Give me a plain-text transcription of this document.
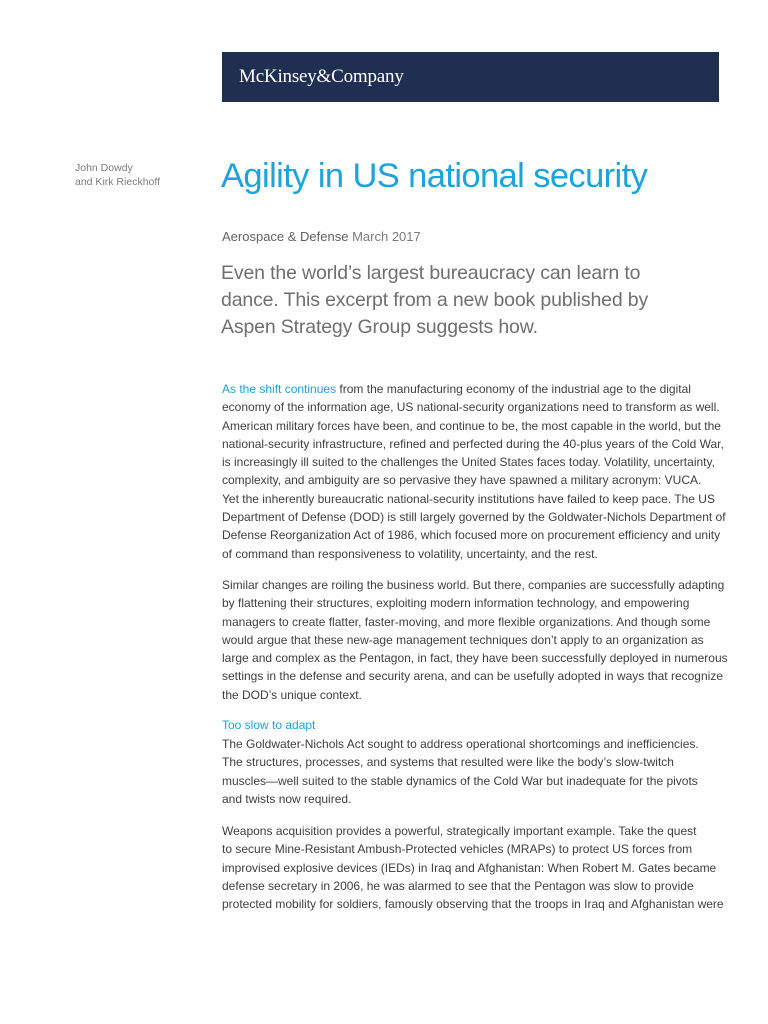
McKinsey&Company
John Dowdy
and Kirk Rieckhoff Agility in US national security
Aerospace & Defense March 2017
Even the world’s largest bureaucracy can learn to
dance. This excerpt from a new book published by
Aspen Strategy Group suggests how.
As the shift continues from the manufacturing economy of the industrial age to the digital
economy of the information age, US national-security organizations need to transform as well.
American military forces have been, and continue to be, the most capable in the world, but the
national-security infrastructure, refined and perfected during the 40-plus years of the Cold War,
is increasingly ill suited to the challenges the United States faces today. Volatility, uncertainty,
complexity, and ambiguity are so pervasive they have spawned a military acronym: VUCA.
Yet the inherently bureaucratic national-security institutions have failed to keep pace. The US
Department of Defense (DOD) is still largely governed by the Goldwater-Nichols Department of
Defense Reorganization Act of 1986, which focused more on procurement efficiency and unity
of command than responsiveness to volatility, uncertainty, and the rest.
Similar changes are roiling the business world. But there, companies are successfully adapting
by flattening their structures, exploiting modern information technology, and empowering
managers to create flatter, faster-moving, and more flexible organizations. And though some
would argue that these new-age management techniques don’t apply to an organization as
large and complex as the Pentagon, in fact, they have been successfully deployed in numerous
settings in the defense and security arena, and can be usefully adopted in ways that recognize
the DOD’s unique context.
Too slow to adapt
The Goldwater-Nichols Act sought to address operational shortcomings and inefficiencies.
The structures, processes, and systems that resulted were like the body’s slow-twitch
muscles—well suited to the stable dynamics of the Cold War but inadequate for the pivots
and twists now required.
Weapons acquisition provides a powerful, strategically important example. Take the quest
to secure Mine-Resistant Ambush-Protected vehicles (MRAPs) to protect US forces from
improvised explosive devices (IEDs) in Iraq and Afghanistan: When Robert M. Gates became
defense secretary in 2006, he was alarmed to see that the Pentagon was slow to provide
protected mobility for soldiers, famously observing that the troops in Iraq and Afghanistan were
